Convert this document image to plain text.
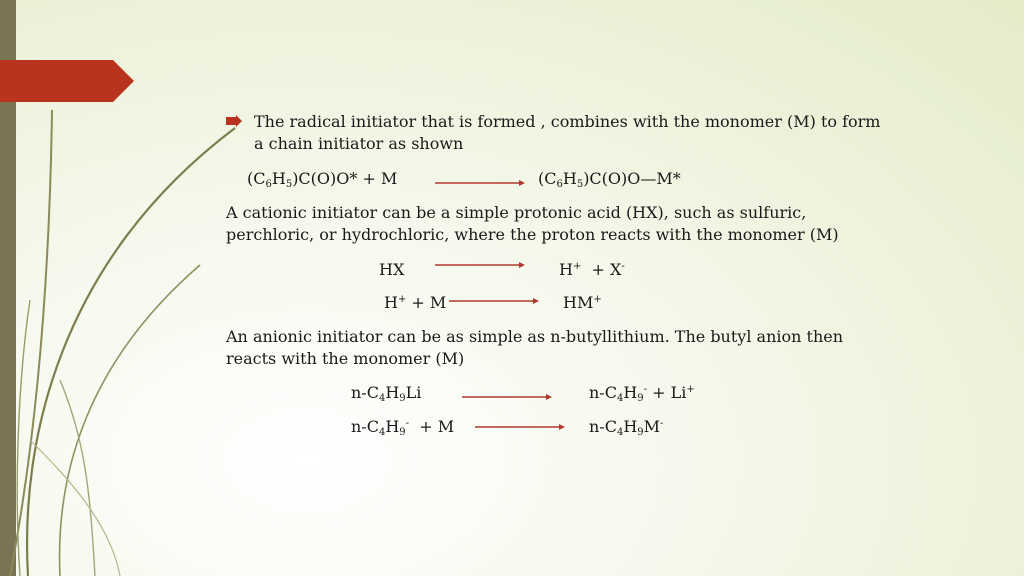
The radical initiator that is formed , combines with the monomer (M) to form
a chain initiator as shown
$(C_6H_5)C(O)O* + M$	$(C_6H_5)C(O)O—M*$
A cationic initiator can be a simple protonic acid (HX), such as sulfuric,
perchloric, or hydrochloric, where the proton reacts with the monomer (M)
HX	H+  + X-
H+ + M	HM+
An anionic initiator can be as simple as n-butyllithium. The butyl anion then
reacts with the monomer (M)
$n-C_4H_9Li$	$n-C_4H_9^- + Li^+$
$n-C_4H_9^- + M$	$n-C_4H_9M^-$
